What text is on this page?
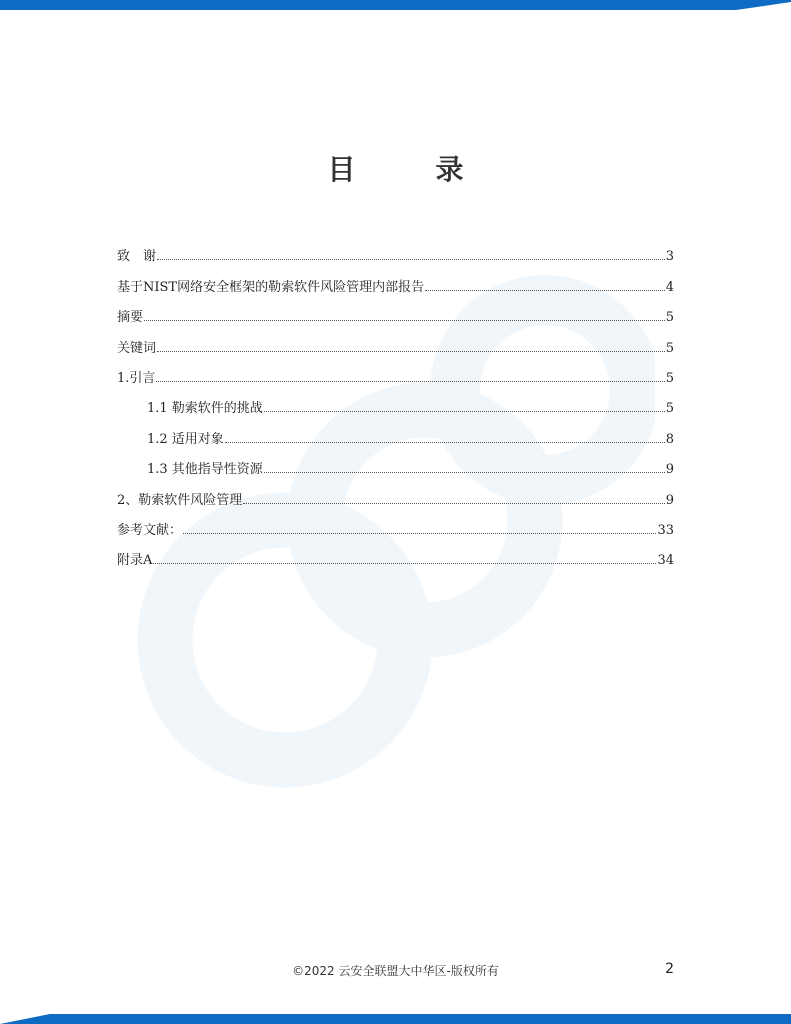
目　录
致　谢	3
基于NIST网络安全框架的勒索软件风险管理内部报告	4
摘要	5
关键词	5
1.引言	5
1.1 勒索软件的挑战	5
1.2 适用对象	8
1.3 其他指导性资源	9
2、勒索软件风险管理	9
参考文献：	33
附录A	34
©2022 云安全联盟大中华区-版权所有	2
